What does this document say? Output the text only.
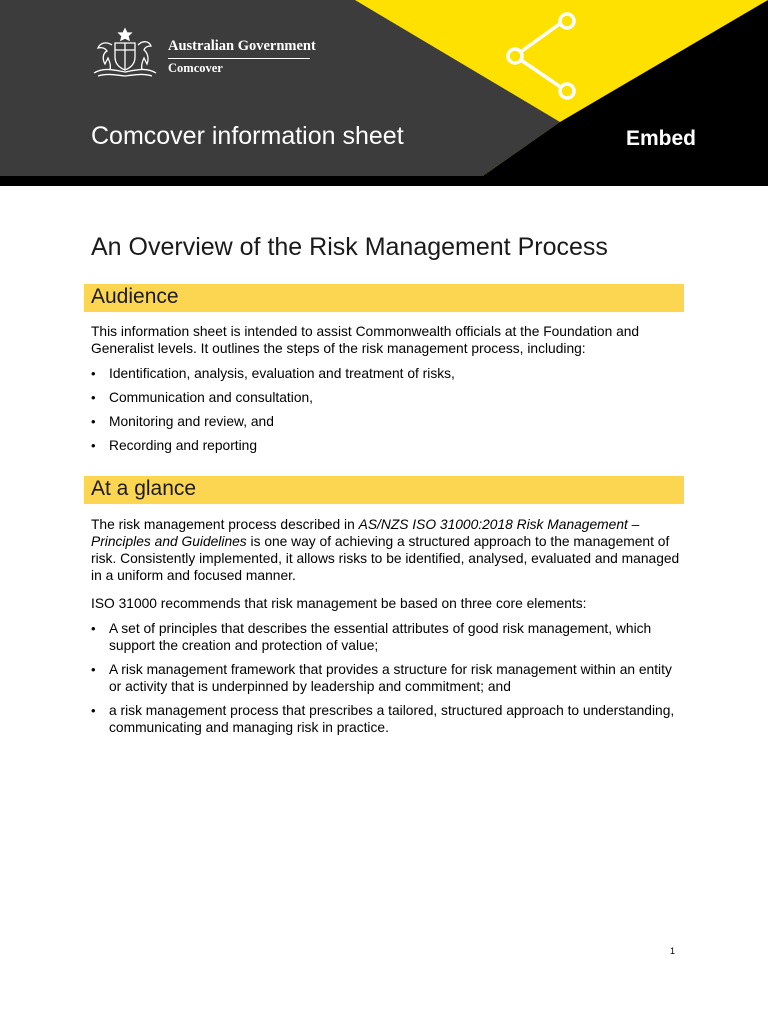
Australian Government
Comcover
Comcover information sheet	Embed
An Overview of the Risk Management Process
Audience
This information sheet is intended to assist Commonwealth officials at the Foundation and Generalist levels. It outlines the steps of the risk management process, including:
• Identification, analysis, evaluation and treatment of risks,
• Communication and consultation,
• Monitoring and review, and
• Recording and reporting
At a glance
The risk management process described in AS/NZS ISO 31000:2018 Risk Management – Principles and Guidelines is one way of achieving a structured approach to the management of risk. Consistently implemented, it allows risks to be identified, analysed, evaluated and managed in a uniform and focused manner.
ISO 31000 recommends that risk management be based on three core elements:
• A set of principles that describes the essential attributes of good risk management, which support the creation and protection of value;
• A risk management framework that provides a structure for risk management within an entity or activity that is underpinned by leadership and commitment; and
• a risk management process that prescribes a tailored, structured approach to understanding, communicating and managing risk in practice.
1
